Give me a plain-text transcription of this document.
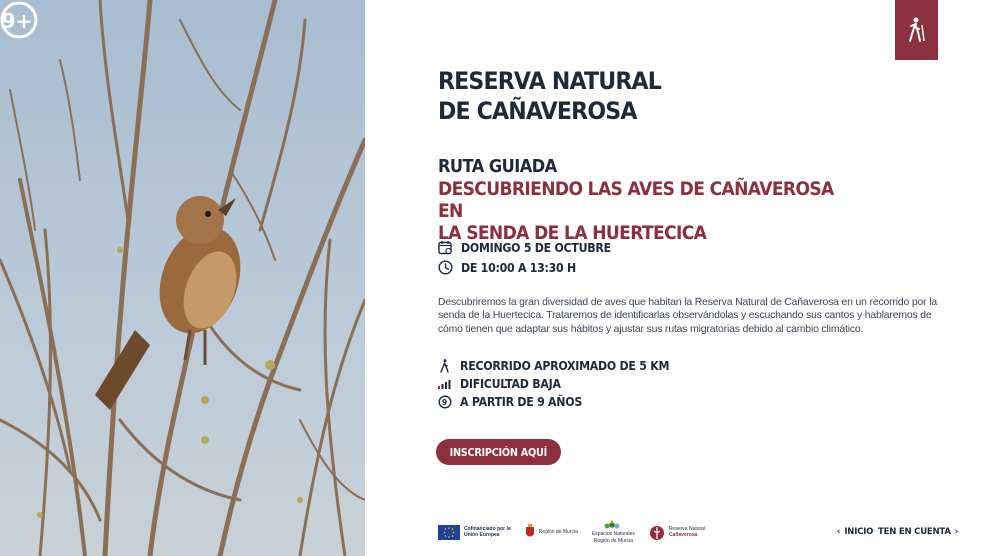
9+
RESERVA NATURAL
DE CAÑAVEROSA
RUTA GUIADA
DESCUBRIENDO LAS AVES DE CAÑAVEROSA EN
LA SENDA DE LA HUERTECICA
DOMINGO 5 DE OCTUBRE
DE 10:00 A 13:30 H

Descubriremos la gran diversidad de aves que habitan la Reserva Natural de Cañaverosa en un recorrido por la senda de la Huertecica. Trataremos de identificarlas observándolas y escuchando sus cantos y hablaremos de cómo tienen que adaptar sus hábitos y ajustar sus rutas migratorias debido al cambio climático.

RECORRIDO APROXIMADO DE 5 KM
DIFICULTAD BAJA
9 A PARTIR DE 9 AÑOS
INSCRIPCIÓN AQUÍ
Cofinanciado por la
Unión Europea	Región de Murcia	Espacios Naturales
Región de Murcia
Reserva Natural
Cañaverosa	‹ INICIO TEN EN CUENTA ›
